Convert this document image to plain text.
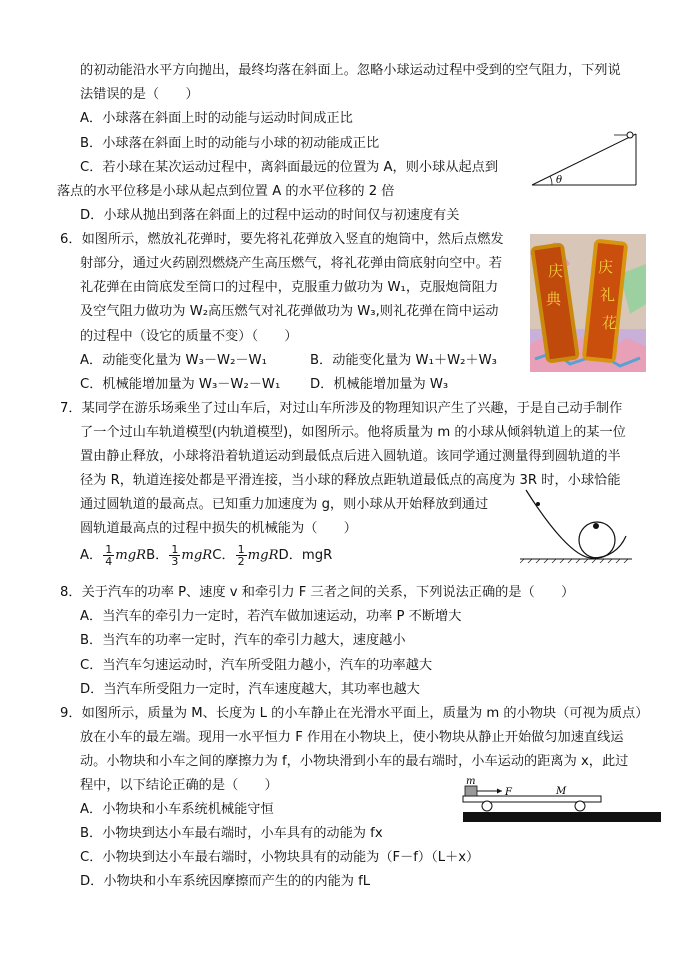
的初动能沿水平方向抛出，最终均落在斜面上。忽略小球运动过程中受到的空气阻力，下列说
法错误的是（　　）
A．小球落在斜面上时的动能与运动时间成正比
B．小球落在斜面上时的动能与小球的初动能成正比
C．若小球在某次运动过程中，离斜面最远的位置为 A，则小球从起点到
落点的水平位移是小球从起点到位置 A 的水平位移的 2 倍
D．小球从抛出到落在斜面上的过程中运动的时间仅与初速度有关
θ
6．如图所示，燃放礼花弹时，要先将礼花弹放入竖直的炮筒中，然后点燃发
射部分，通过火药剧烈燃烧产生高压燃气，将礼花弹由筒底射向空中。若
礼花弹在由筒底发至筒口的过程中，克服重力做功为 W₁，克服炮筒阻力
及空气阻力做功为 W₂高压燃气对礼花弹做功为 W₃,则礼花弹在筒中运动
的过程中（设它的质量不变）（　　）
A．动能变化量为 W₃－W₂－W₁	B．动能变化量为 W₁＋W₂＋W₃
C．机械能增加量为 W₃－W₂－W₁ D．机械能增加量为 W₃
庆
典
庆
礼
花
7．某同学在游乐场乘坐了过山车后，对过山车所涉及的物理知识产生了兴趣，于是自己动手制作
了一个过山车轨道模型(内轨道模型)，如图所示。他将质量为 m 的小球从倾斜轨道上的某一位
置由静止释放，小球将沿着轨道运动到最低点后进入圆轨道。该同学通过测量得到圆轨道的半
径为 R，轨道连接处都是平滑连接，当小球的释放点距轨道最低点的高度为 3R 时，小球恰能
通过圆轨道的最高点。已知重力加速度为 g，则小球从开始释放到通过
圆轨道最高点的过程中损失的机械能为（　　）
A． $\frac{1}{4}$ mgRB． $\frac{1}{3}$ mgRC． $\frac{1}{2}$ mgRD．mgR
8．关于汽车的功率 P、速度 v 和牵引力 F 三者之间的关系，下列说法正确的是（　　）
A．当汽车的牵引力一定时，若汽车做加速运动，功率 P 不断增大
B．当汽车的功率一定时，汽车的牵引力越大，速度越小
C．当汽车匀速运动时，汽车所受阻力越小，汽车的功率越大
D．当汽车所受阻力一定时，汽车速度越大，其功率也越大
9．如图所示，质量为 M、长度为 L 的小车静止在光滑水平面上，质量为 m 的小物块（可视为质点）
放在小车的最左端。现用一水平恒力 F 作用在小物块上，使小物块从静止开始做匀加速直线运
动。小物块和小车之间的摩擦力为 f，小物块滑到小车的最右端时，小车运动的距离为 x，此过
程中，以下结论正确的是（　　）
A．小物块和小车系统机械能守恒
B．小物块到达小车最右端时，小车具有的动能为 fx
C．小物块到达小车最右端时，小物块具有的动能为（F－f）（L＋x）
D．小物块和小车系统因摩擦而产生的的内能为 fL
m
F	M
